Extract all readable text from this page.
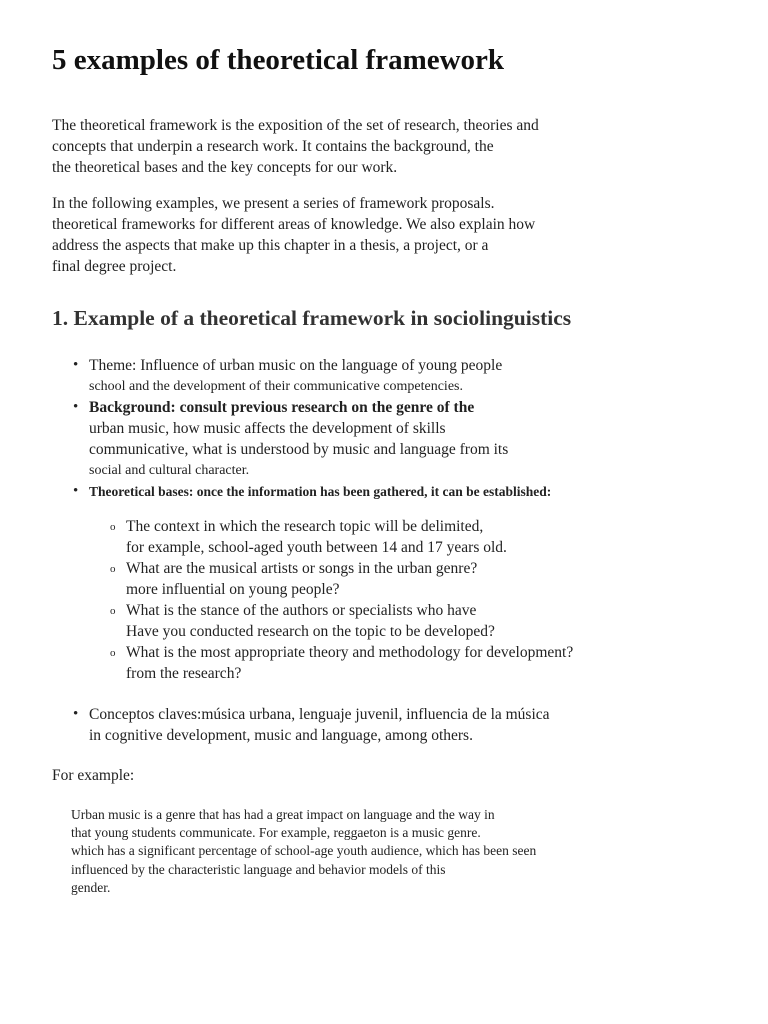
5 examples of theoretical framework

The theoretical framework is the exposition of the set of research, theories and
concepts that underpin a research work. It contains the background, the
the theoretical bases and the key concepts for our work.

In the following examples, we present a series of framework proposals.
theoretical frameworks for different areas of knowledge. We also explain how
address the aspects that make up this chapter in a thesis, a project, or a
final degree project.

1. Example of a theoretical framework in sociolinguistics
• Theme: Influence of urban music on the language of young people
school and the development of their communicative competencies.
• Background: consult previous research on the genre of the
urban music, how music affects the development of skills
communicative, what is understood by music and language from its
social and cultural character.
• Theoretical bases: once the information has been gathered, it can be established:
o The context in which the research topic will be delimited,
for example, school-aged youth between 14 and 17 years old.
o What are the musical artists or songs in the urban genre?
more influential on young people?
o What is the stance of the authors or specialists who have
Have you conducted research on the topic to be developed?
o What is the most appropriate theory and methodology for development?
from the research?
• Conceptos claves:música urbana, lenguaje juvenil, influencia de la música
in cognitive development, music and language, among others.

For example:

Urban music is a genre that has had a great impact on language and the way in
that young students communicate. For example, reggaeton is a music genre.
which has a significant percentage of school-age youth audience, which has been seen
influenced by the characteristic language and behavior models of this
gender.
